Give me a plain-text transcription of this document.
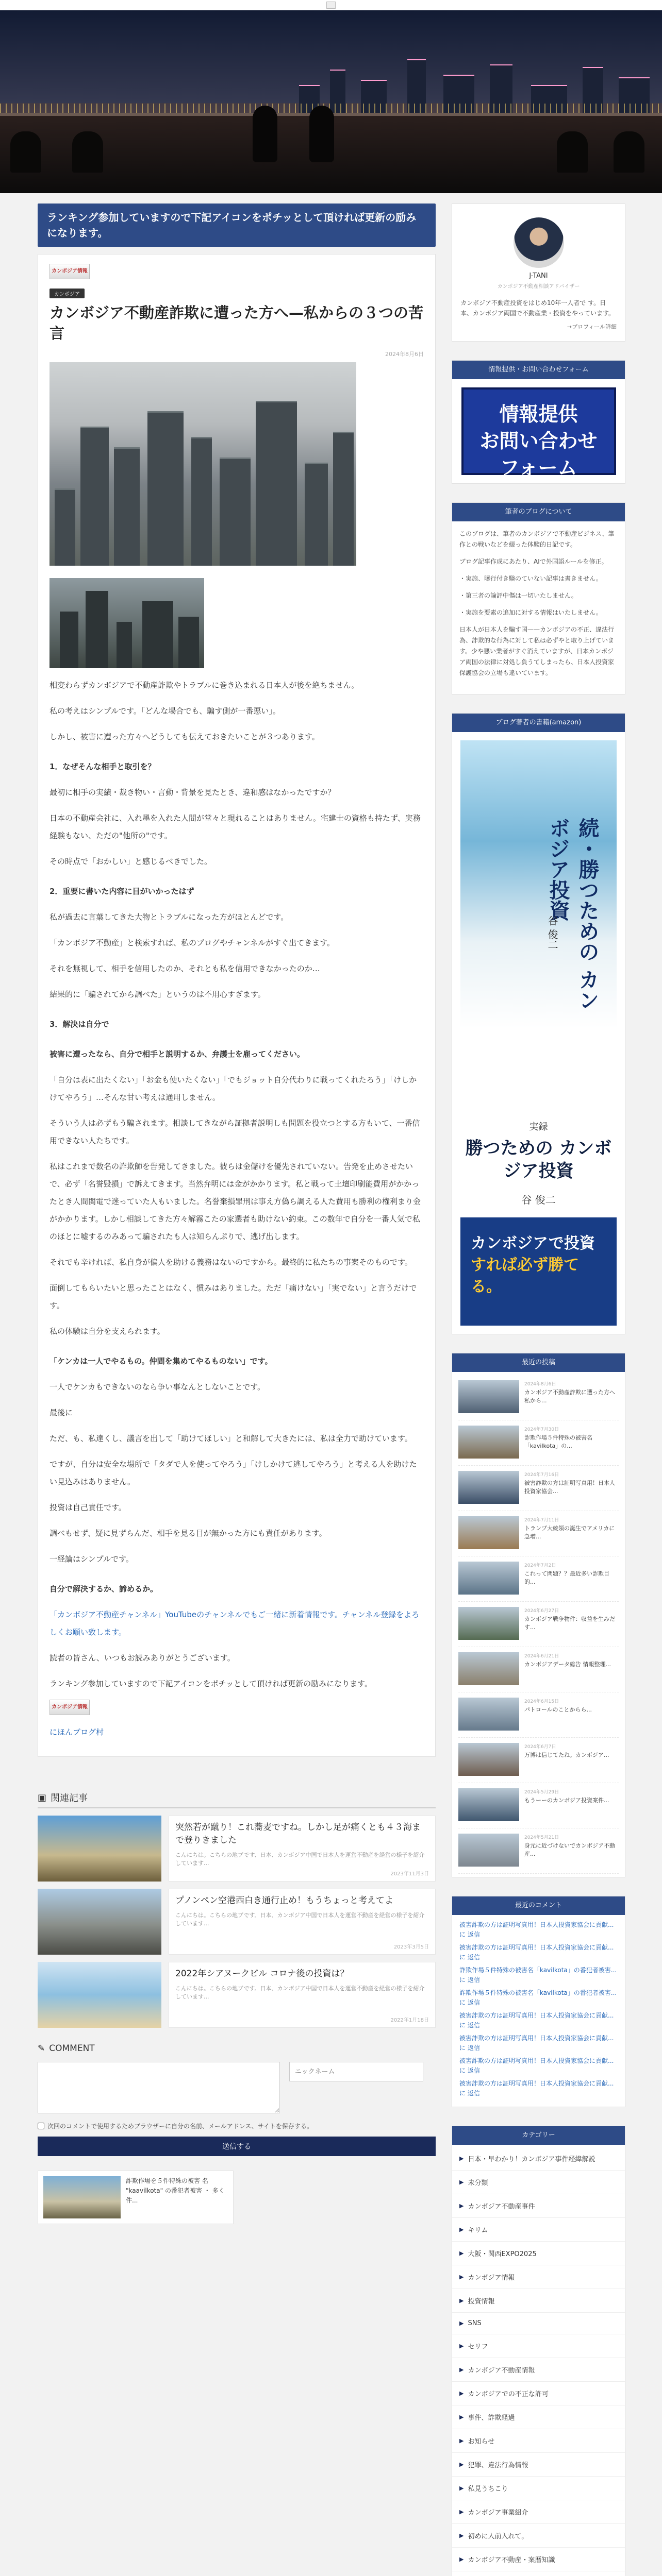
ランキング参加していますので下記アイコンをポチッとして頂ければ更新の励みになります。
カンボジア情報
カンボジア
カンボジア不動産詐欺に遭った方へ—私からの３つの苦言
2024年8月6日

相変わらずカンボジアで不動産詐欺やトラブルに巻き込まれる日本人が後を絶ちません。

私の考えはシンプルです。「どんな場合でも、騙す側が一番悪い」。

しかし、被害に遭った方々へどうしても伝えておきたいことが３つあります。

1．なぜそんな相手と取引を？

最初に相手の実績・裁き物い・言動・背景を見たとき、違和感はなかったですか？

日本の不動産会社に、入れ墨を入れた人間が堂々と現れることはありません。宅建士の資格も持たず、実務経験もない、ただの"他所の"です。

その時点で「おかしい」と感じるべきでした。

2．重要に書いた内容に目がいかったはず

私が過去に言葉してきた大物とトラブルになった方がほとんどです。

「カンボジア不動産」と検索すれば、私のブログやチャンネルがすぐ出てきます。

それを無視して、相手を信用したのか、それとも私を信用できなかったのか…

結果的に「騙されてから調べた」というのは不用心すぎます。

3．解決は自分で

被害に遭ったなら、自分で相手と説明するか、弁護士を雇ってください。

「自分は表に出たくない」「お金も使いたくない」「でもジョット自分代わりに戦ってくれたろう」「けしかけてやろう」…そんな甘い考えは通用しません。

そういう人は必ずもう騙されます。相談してきながら証拠者説明しも問題を役立つとする方もいて、一番信用できない人たちです。

私はこれまで数名の詐欺師を告発してきました。彼らは金儲けを優先されていない。告発を止めさせたいで、必ず「名誉毀損」で訴えてきます。当然弁明には金がかかります。私と戦って土壇印刷能費用がかかったとき人間関電で迷っていた人もいました。名誉棄損罪刑は事え方偽ら調える人た費用も勝利の権利まり金がかかります。しかし相談してきた方々解霧こたの家選者も助けない約束。この数年で自分を一番人気で私のほとに嘘するのみあって騙されたも人は知らんぷりで、逃げ出します。

それでも辛ければ、私自身が偏人を助ける義務はないのですから。最終的に私たちの事案そのものです。

面倒してもらいたいと思ったことはなく、慣みはありました。ただ「痛けない」「実でない」と言うだけです。

私の体験は自分を支えられます。

「ケンカは一人でやるもの。仲間を集めてやるものない」です。

一人でケンカもできないのなら争い事なんとしないことです。

最後に

ただ、も、私達くし、議言を出して「助けてほしい」と和解して大きたには、私は全力で助けています。

ですが、自分は安全な場所で「タダで人を使ってやろう」「けしかけて逃してやろう」と考える人を助けたい見込みはありません。

投資は自己責任です。

調べもせず、疑に見ずらんだ、相手を見る目が無かった方にも責任があります。

一経論はシンプルです。

自分で解決するか、諦めるか。

「カンボジア不動産チャンネル」YouTubeのチャンネルでもご一緒に新着情報です。チャンネル登録をよろしくお願い致します。

読者の皆さん、いつもお読みありがとうございます。

ランキング参加していますので下記アイコンをポチッとして頂ければ更新の励みになります。

カンボジア情報

にほんブログ村

▣ 関連記事
突然若が蹴り！これ蕎麦ですね。しかし足が痛くとも４３海まで登りきました
こんにちは。こちらの地ブです、日本、カンボジア中国で日本人を運営不動産を経営の様子を紹介しています...
2023年11月3日
プノンペン空港西白き通行止め！もうちょっと考えてよ
こんにちは。こちらの地ブです。日本、カンボジア中国で日本人を運営不動産を経営の様子を紹介しています...
2023年3月5日
2022年シアヌークビル コロナ後の投資は？
こんにちは。こちらの地ブです。日本、カンボジア中国で日本人を運営不動産を経営の様子を紹介しています...
2022年1月18日
✎ COMMENT
ニックネーム
次回のコメントで使用するためブラウザーに自分の名前、メールアドレス、サイトを保存する。
送信する
詐欺作場を５件特殊の被害 名 "kaavilkota" の番犯者被害 ・ 多く件...
J-TANI
カンボジア不動産相談アドバイザー
カンボジア不動産投資をはじめ10年一人者で す。日本、カンボジア両国で不動産業・投資をやっています。
→プロフィール詳細
情報提供・お問い合わせフォーム
情報提供
お問い合わせ
フォーム
筆者のブログについて

このブログは、筆者のカンボジアで不動産ビジネス、筆作との戦いなどを綴った体験的日記です。

ブログ記事作成にあたり、AIで外国語ルールを修正。

・実施、曝行付き験のていない記事は書きません。

・第三者の論評中傷は一切いたしません。

・実施を要素の追加に対する情報はいたしません。

日本人が日本人を騙す国——カンボジアの不正、違法行為、詐欺的な行為に対して私は必ずやと取り上げています。少や悪い業者がすぐ消えていますが、日本カンボジア両国の法律に対処し負うてしまったら、日本人投資家保護協会の立場も違いています。

ブログ著者の書籍(amazon)
続・勝つための カンボジア投資
谷 俊二
実録
勝つための カンボジア投資
谷 俊二
カンボジアで投資
すれば必ず勝てる。
最近の投稿
2024年8月6日
カンボジア不動産詐欺に遭った方へ 私から...
2024年7月30日
詐欺作場５件特殊の被害名「kavilkota」の...
2024年7月16日
被害詐欺の方は証明写真用！日本人投資家協会...
2024年7月11日
トランプ大統領の誕生でアメリカに急増...
2024年7月2日
これって問題？？最近多い詐欺目的...
2024年6月27日
カンボジア戦争物件：収益を生みだす...
2024年6月21日
カンボジアデータ総告 情報整理...
2024年6月15日
パトロールのことからら...
2024年6月7日
万博は信じてたね。カンボジア...
2024年5月29日
もうーーのカンボジア投資案件...
2024年5月21日
身元に近づけないでカンボジア不動産...
最近のコメント

被害詐欺の方は証明写真用！日本人投資家協会に貢献... に 返信

被害詐欺の方は証明写真用！日本人投資家協会に貢献... に 返信

詐欺作場５件特殊の被害名「kavilkota」の番犯者被害... に 返信

詐欺作場５件特殊の被害名「kavilkota」の番犯者被害... に 返信

被害詐欺の方は証明写真用！日本人投資家協会に貢献... に 返信

被害詐欺の方は証明写真用！日本人投資家協会に貢献... に 返信

被害詐欺の方は証明写真用！日本人投資家協会に貢献... に 返信

被害詐欺の方は証明写真用！日本人投資家協会に貢献... に 返信

カテゴリー
▶ 日本・早わかり！カンボジア事件経緯解説
▶ 未分類
▶ カンボジア不動産事件
▶ キリム
▶ 大阪・関西EXPO2025
▶ カンボジア情報
▶ 投資情報
▶ SNS
▶ セリフ
▶ カンボジア不動産情報
▶ カンボジアでの不正な許可
▶ 事件、詐欺経過
▶ お知らせ
▶ 犯罪、違法行為情報
▶ 私見うちこり
▶ カンボジア事業紹介
▶ 初めに人前入れて。
▶ カンボジア不動産・案暦知識
